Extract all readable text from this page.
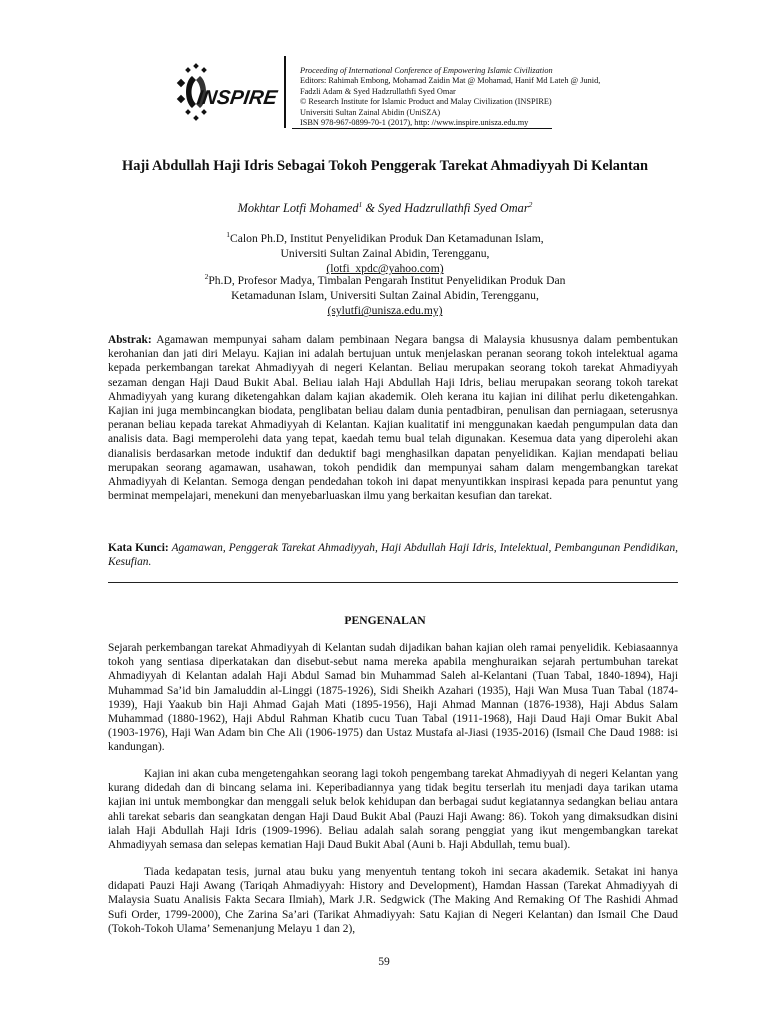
INSPIRE
Proceeding of International Conference of Empowering Islamic Civilization
Editors: Rahimah Embong, Mohamad Zaidin Mat @ Mohamad, Hanif Md Lateh @ Junid,
Fadzli Adam & Syed Hadzrullathfi Syed Omar
© Research Institute for Islamic Product and Malay Civilization (INSPIRE)
Universiti Sultan Zainal Abidin (UniSZA)
ISBN 978-967-0899-70-1 (2017), http: //www.inspire.unisza.edu.my
Haji Abdullah Haji Idris Sebagai Tokoh Penggerak Tarekat Ahmadiyyah Di Kelantan
Mokhtar Lotfi Mohamed$^1$ & Syed Hadzrullathfi Syed Omar$^2$
$^1$Calon Ph.D, Institut Penyelidikan Produk Dan Ketamadunan Islam,
Universiti Sultan Zainal Abidin, Terengganu,
(lotfi_xpdc@yahoo.com)
$^2$Ph.D, Profesor Madya, Timbalan Pengarah Institut Penyelidikan Produk Dan
Ketamadunan Islam, Universiti Sultan Zainal Abidin, Terengganu,
(sylutfi@unisza.edu.my)
Abstrak: Agamawan mempunyai saham dalam pembinaan Negara bangsa di Malaysia khususnya dalam pembentukan kerohanian dan jati diri Melayu. Kajian ini adalah bertujuan untuk menjelaskan peranan seorang tokoh intelektual agama kepada perkembangan tarekat Ahmadiyyah di negeri Kelantan. Beliau merupakan seorang tokoh tarekat Ahmadiyyah sezaman dengan Haji Daud Bukit Abal. Beliau ialah Haji Abdullah Haji Idris, beliau merupakan seorang tokoh tarekat Ahmadiyyah yang kurang diketengahkan dalam kajian akademik. Oleh kerana itu kajian ini dilihat perlu diketengahkan. Kajian ini juga membincangkan biodata, penglibatan beliau dalam dunia pentadbiran, penulisan dan perniagaan, seterusnya peranan beliau kepada tarekat Ahmadiyyah di Kelantan. Kajian kualitatif ini menggunakan kaedah pengumpulan data dan analisis data. Bagi memperolehi data yang tepat, kaedah temu bual telah digunakan. Kesemua data yang diperolehi akan dianalisis berdasarkan metode induktif dan deduktif bagi menghasilkan dapatan penyelidikan. Kajian mendapati beliau merupakan seorang agamawan, usahawan, tokoh pendidik dan mempunyai saham dalam mengembangkan tarekat Ahmadiyyah di Kelantan. Semoga dengan pendedahan tokoh ini dapat menyuntikkan inspirasi kepada para penuntut yang berminat mempelajari, menekuni dan menyebarluaskan ilmu yang berkaitan kesufian dan tarekat.
Kata Kunci: Agamawan, Penggerak Tarekat Ahmadiyyah, Haji Abdullah Haji Idris, Intelektual, Pembangunan Pendidikan, Kesufian.
PENGENALAN
Sejarah perkembangan tarekat Ahmadiyyah di Kelantan sudah dijadikan bahan kajian oleh ramai penyelidik. Kebiasaannya tokoh yang sentiasa diperkatakan dan disebut-sebut nama mereka apabila menghuraikan sejarah pertumbuhan tarekat Ahmadiyyah di Kelantan adalah Haji Abdul Samad bin Muhammad Saleh al-Kelantani (Tuan Tabal, 1840-1894), Haji Muhammad Sa’id bin Jamaluddin al-Linggi (1875-1926), Sidi Sheikh Azahari (1935), Haji Wan Musa Tuan Tabal (1874-1939), Haji Yaakub bin Haji Ahmad Gajah Mati (1895-1956), Haji Ahmad Mannan (1876-1938), Haji Abdus Salam Muhammad (1880-1962), Haji Abdul Rahman Khatib cucu Tuan Tabal (1911-1968), Haji Daud Haji Omar Bukit Abal (1903-1976), Haji Wan Adam bin Che Ali (1906-1975) dan Ustaz Mustafa al-Jiasi (1935-2016) (Ismail Che Daud 1988: isi kandungan).
Kajian ini akan cuba mengetengahkan seorang lagi tokoh pengembang tarekat Ahmadiyyah di negeri Kelantan yang kurang didedah dan di bincang selama ini. Keperibadiannya yang tidak begitu terserlah itu menjadi daya tarikan utama kajian ini untuk membongkar dan menggali seluk belok kehidupan dan berbagai sudut kegiatannya sedangkan beliau antara ahli tarekat sebaris dan seangkatan dengan Haji Daud Bukit Abal (Pauzi Haji Awang: 86). Tokoh yang dimaksudkan disini ialah Haji Abdullah Haji Idris (1909-1996). Beliau adalah salah sorang penggiat yang ikut mengembangkan tarekat Ahmadiyyah semasa dan selepas kematian Haji Daud Bukit Abal (Auni b. Haji Abdullah, temu bual).
Tiada kedapatan tesis, jurnal atau buku yang menyentuh tentang tokoh ini secara akademik. Setakat ini hanya didapati Pauzi Haji Awang (Tariqah Ahmadiyyah: History and Development), Hamdan Hassan (Tarekat Ahmadiyyah di Malaysia Suatu Analisis Fakta Secara Ilmiah), Mark J.R. Sedgwick (The Making And Remaking Of The Rashidi Ahmad Sufi Order, 1799-2000), Che Zarina Sa’ari (Tarikat Ahmadiyyah: Satu Kajian di Negeri Kelantan) dan Ismail Che Daud (Tokoh-Tokoh Ulama’ Semenanjung Melayu 1 dan 2),
59
